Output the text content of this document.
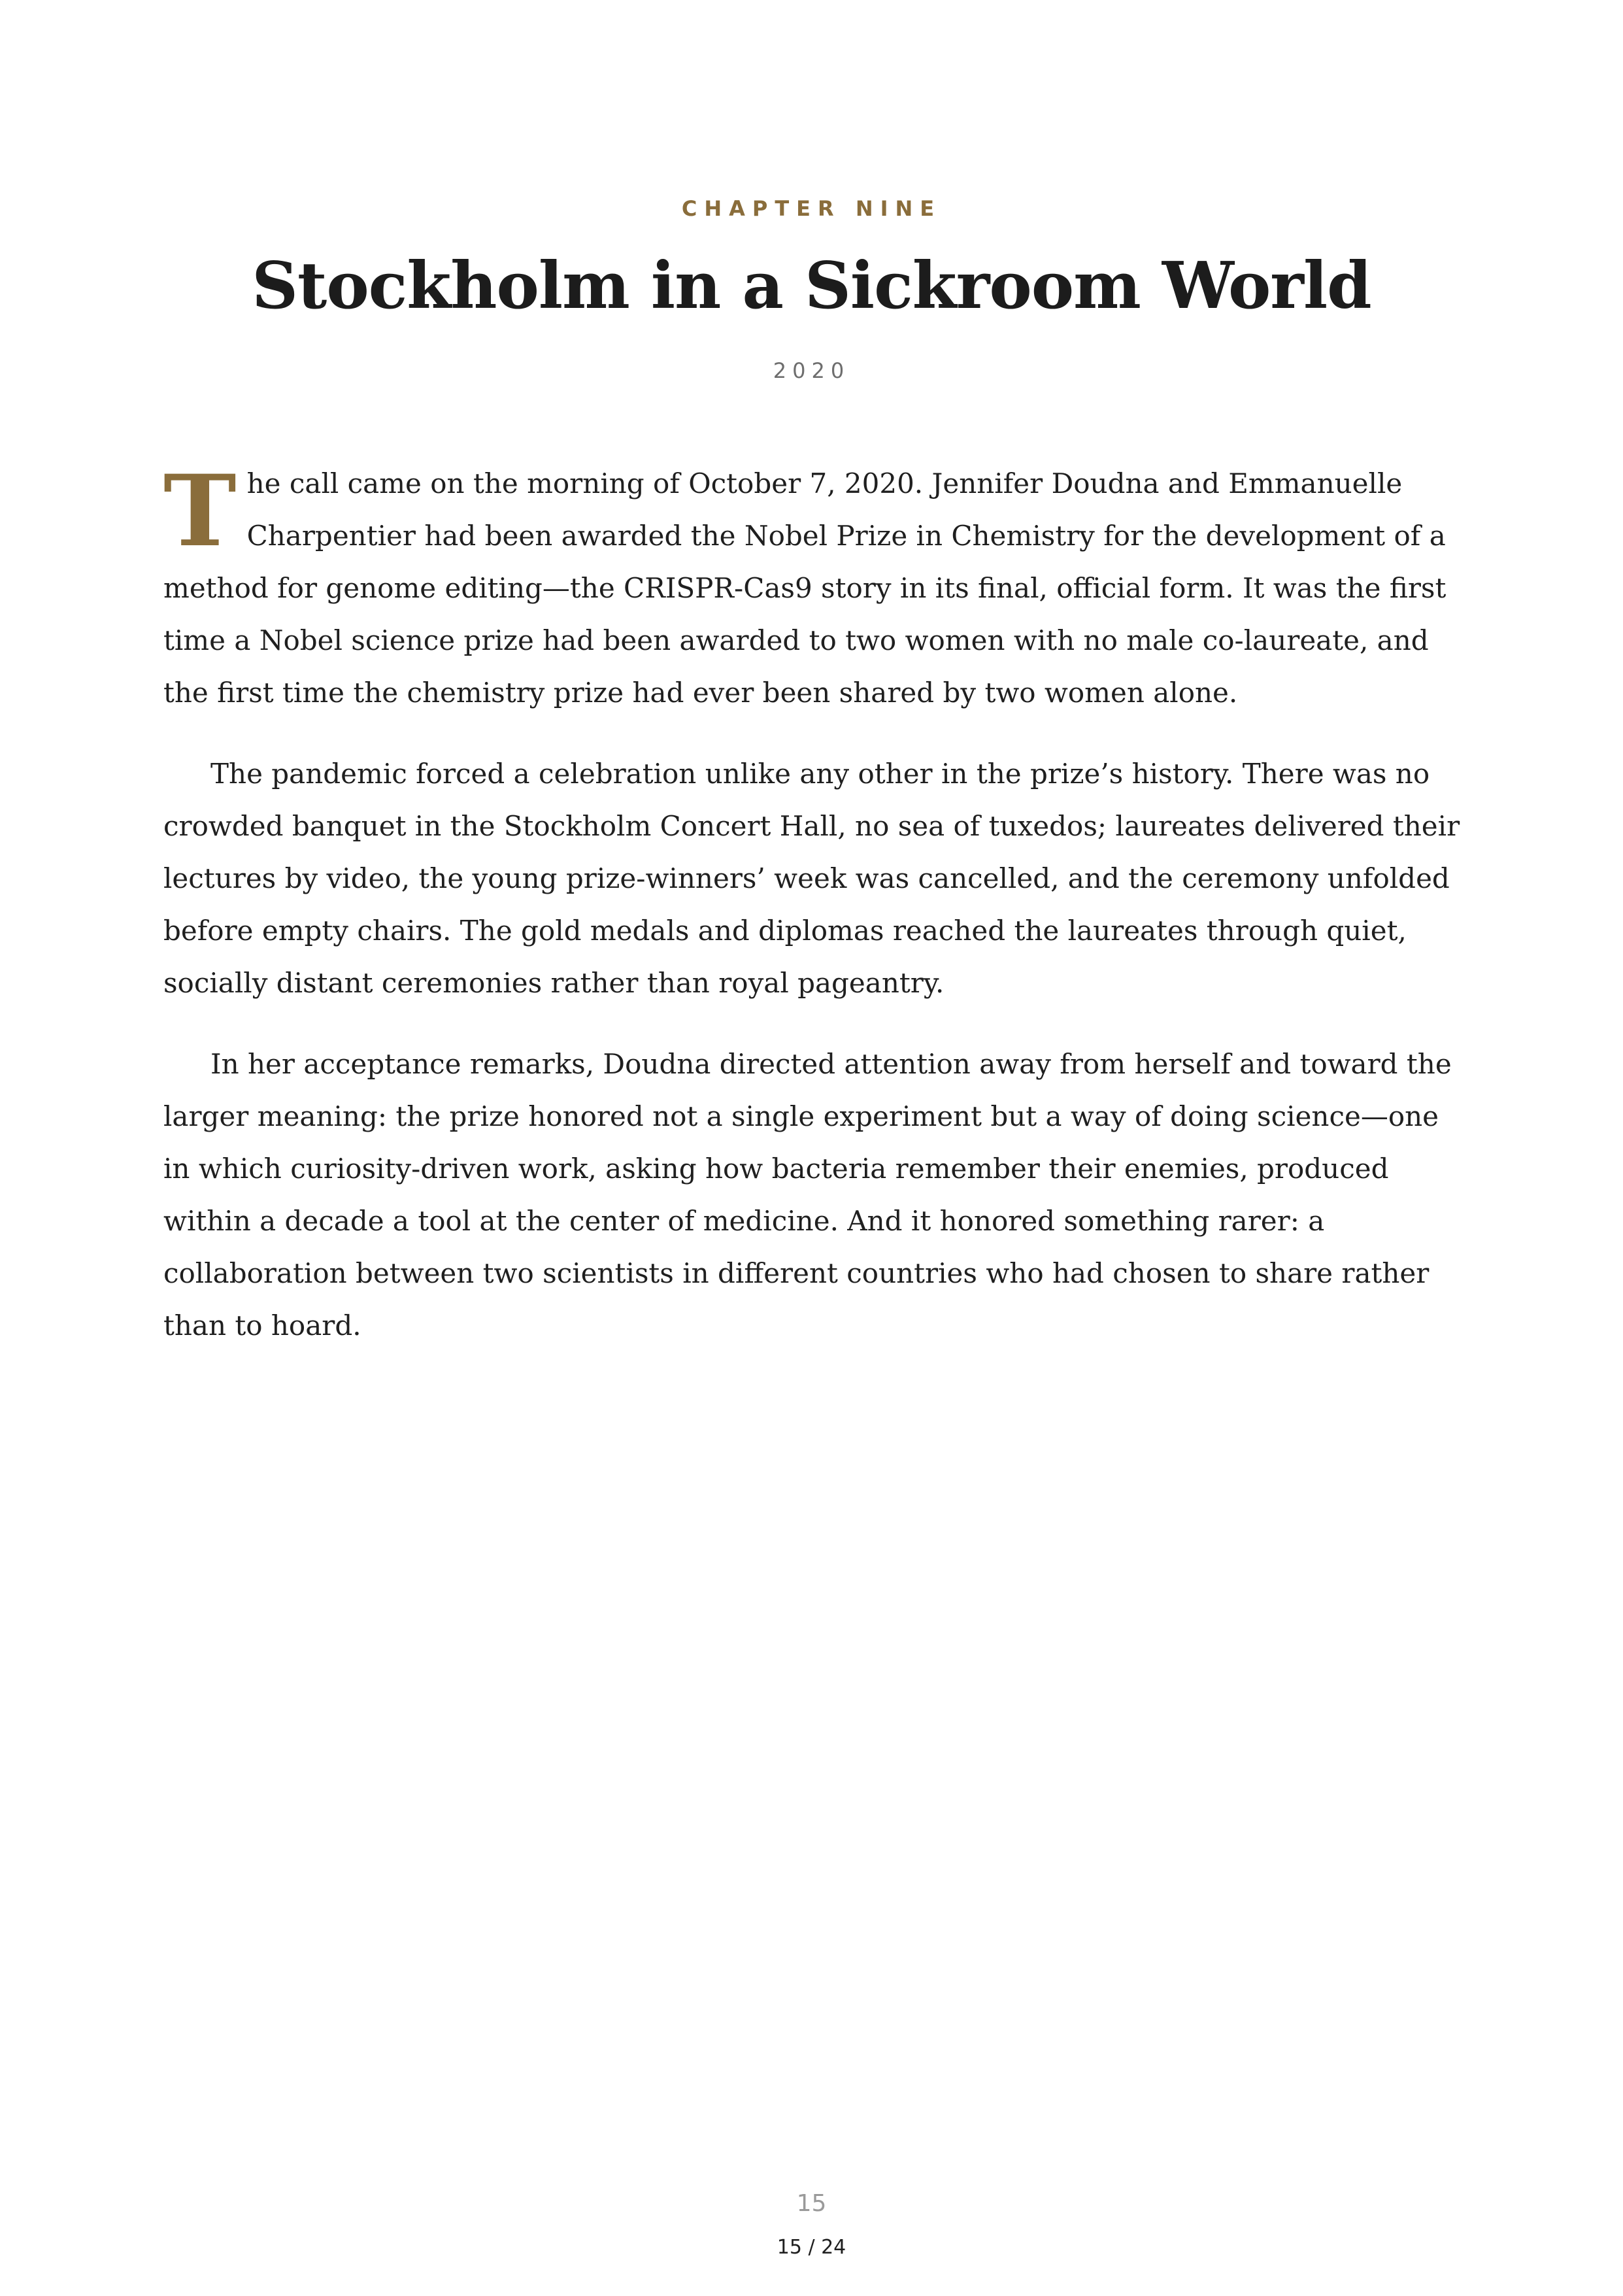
CHAPTER NINE
Stockholm in a Sickroom World
2020

The call came on the morning of October 7, 2020. Jennifer Doudna and Emmanuelle Charpentier had been awarded the Nobel Prize in Chemistry for the development of a method for genome editing—the CRISPR-Cas9 story in its final, official form. It was the first time a Nobel science prize had been awarded to two women with no male co-laureate, and the first time the chemistry prize had ever been shared by two women alone.

The pandemic forced a celebration unlike any other in the prize’s history. There was no crowded banquet in the Stockholm Concert Hall, no sea of tuxedos; laureates delivered their lectures by video, the young prize-winners’ week was cancelled, and the ceremony unfolded before empty chairs. The gold medals and diplomas reached the laureates through quiet, socially distant ceremonies rather than royal pageantry.

In her acceptance remarks, Doudna directed attention away from herself and toward the larger meaning: the prize honored not a single experiment but a way of doing science—one in which curiosity-driven work, asking how bacteria remember their enemies, produced within a decade a tool at the center of medicine. And it honored something rarer: a collaboration between two scientists in different countries who had chosen to share rather than to hoard.

15
15 / 24
